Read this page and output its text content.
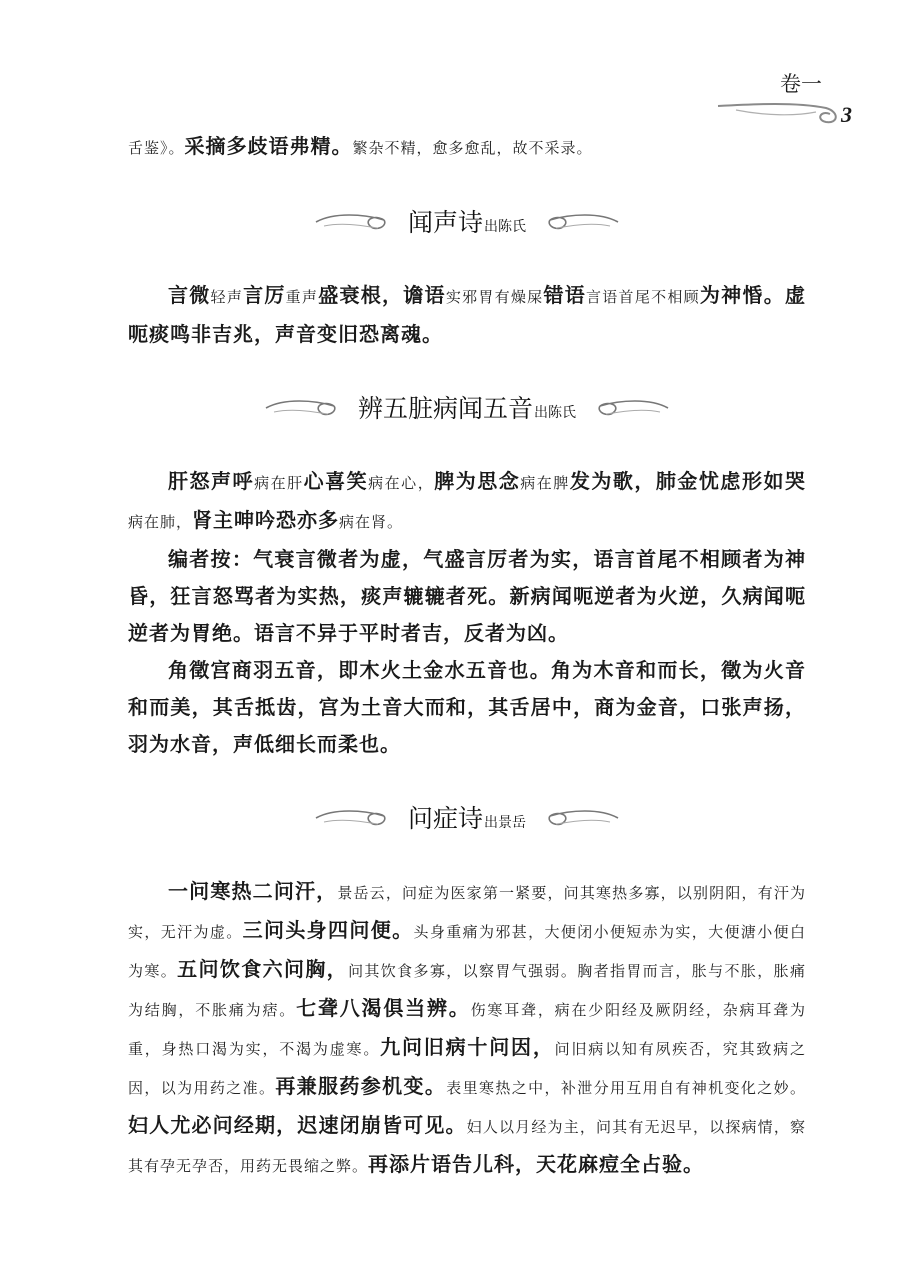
卷一
3

舌鉴》。采摘多歧语弗精。繁杂不精，愈多愈乱，故不采录。

闻声诗出陈氏

言微轻声言厉重声盛衰根，谵语实邪胃有燥屎错语言语首尾不相顾为神惛。虚呃痰鸣非吉兆，声音变旧恐离魂。

辨五脏病闻五音出陈氏

肝怒声呼病在肝心喜笑病在心，脾为思念病在脾发为歌，肺金忧虑形如哭病在肺，肾主呻吟恐亦多病在肾。

编者按：气衰言微者为虚，气盛言厉者为实，语言首尾不相顾者为神昏，狂言怒骂者为实热，痰声辘辘者死。新病闻呃逆者为火逆，久病闻呃逆者为胃绝。语言不异于平时者吉，反者为凶。

角徵宫商羽五音，即木火土金水五音也。角为木音和而长，徵为火音和而美，其舌抵齿，宫为土音大而和，其舌居中，商为金音，口张声扬，羽为水音，声低细长而柔也。

问症诗出景岳

一问寒热二问汗，景岳云，问症为医家第一紧要，问其寒热多寡，以别阴阳，有汗为实，无汗为虚。三问头身四问便。头身重痛为邪甚，大便闭小便短赤为实，大便溏小便白为寒。五问饮食六问胸，问其饮食多寡，以察胃气强弱。胸者指胃而言，胀与不胀，胀痛为结胸，不胀痛为痞。七聋八渴俱当辨。伤寒耳聋，病在少阳经及厥阴经，杂病耳聋为重，身热口渴为实，不渴为虚寒。九问旧病十问因，问旧病以知有夙疾否，究其致病之因，以为用药之准。再兼服药参机变。表里寒热之中，补泄分用互用自有神机变化之妙。妇人尤必问经期，迟速闭崩皆可见。妇人以月经为主，问其有无迟早，以探病情，察其有孕无孕否，用药无畏缩之弊。再添片语告儿科，天花麻痘全占验。
